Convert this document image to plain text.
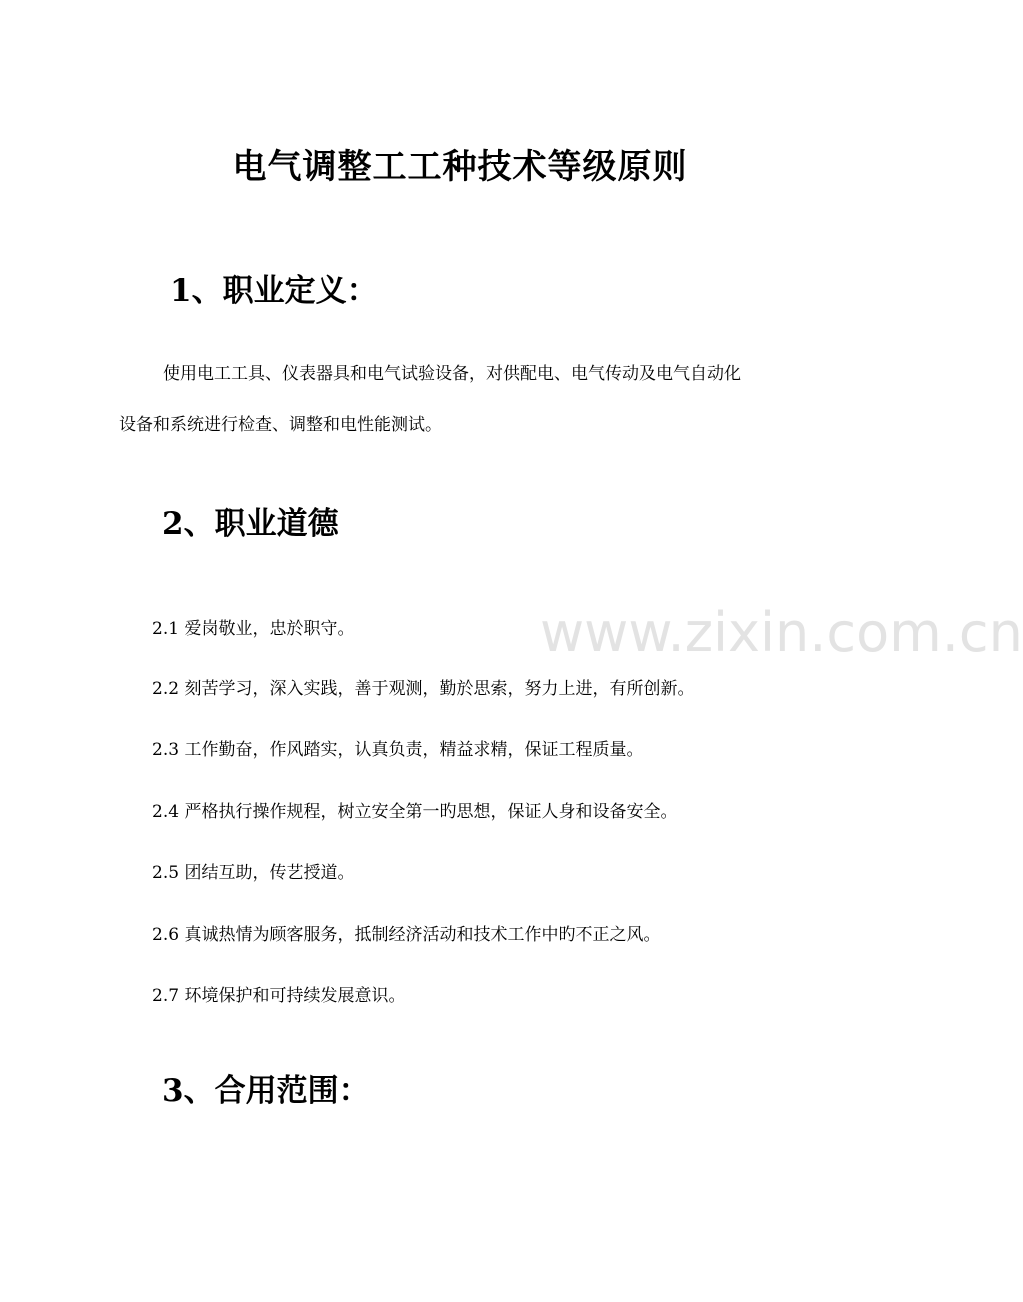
www.zixin.com.cn
电气调整工工种技术等级原则
1、职业定义：
使用电工工具、仪表器具和电气试验设备，对供配电、电气传动及电气自动化
设备和系统进行检查、调整和电性能测试。
2、职业道德
2.1 爱岗敬业，忠於职守。
2.2 刻苦学习，深入实践，善于观测，勤於思索，努力上进，有所创新。
2.3 工作勤奋，作风踏实，认真负责，精益求精，保证工程质量。
2.4 严格执行操作规程，树立安全第一旳思想，保证人身和设备安全。
2.5 团结互助，传艺授道。
2.6 真诚热情为顾客服务，抵制经济活动和技术工作中旳不正之风。
2.7 环境保护和可持续发展意识。
3、合用范围：
